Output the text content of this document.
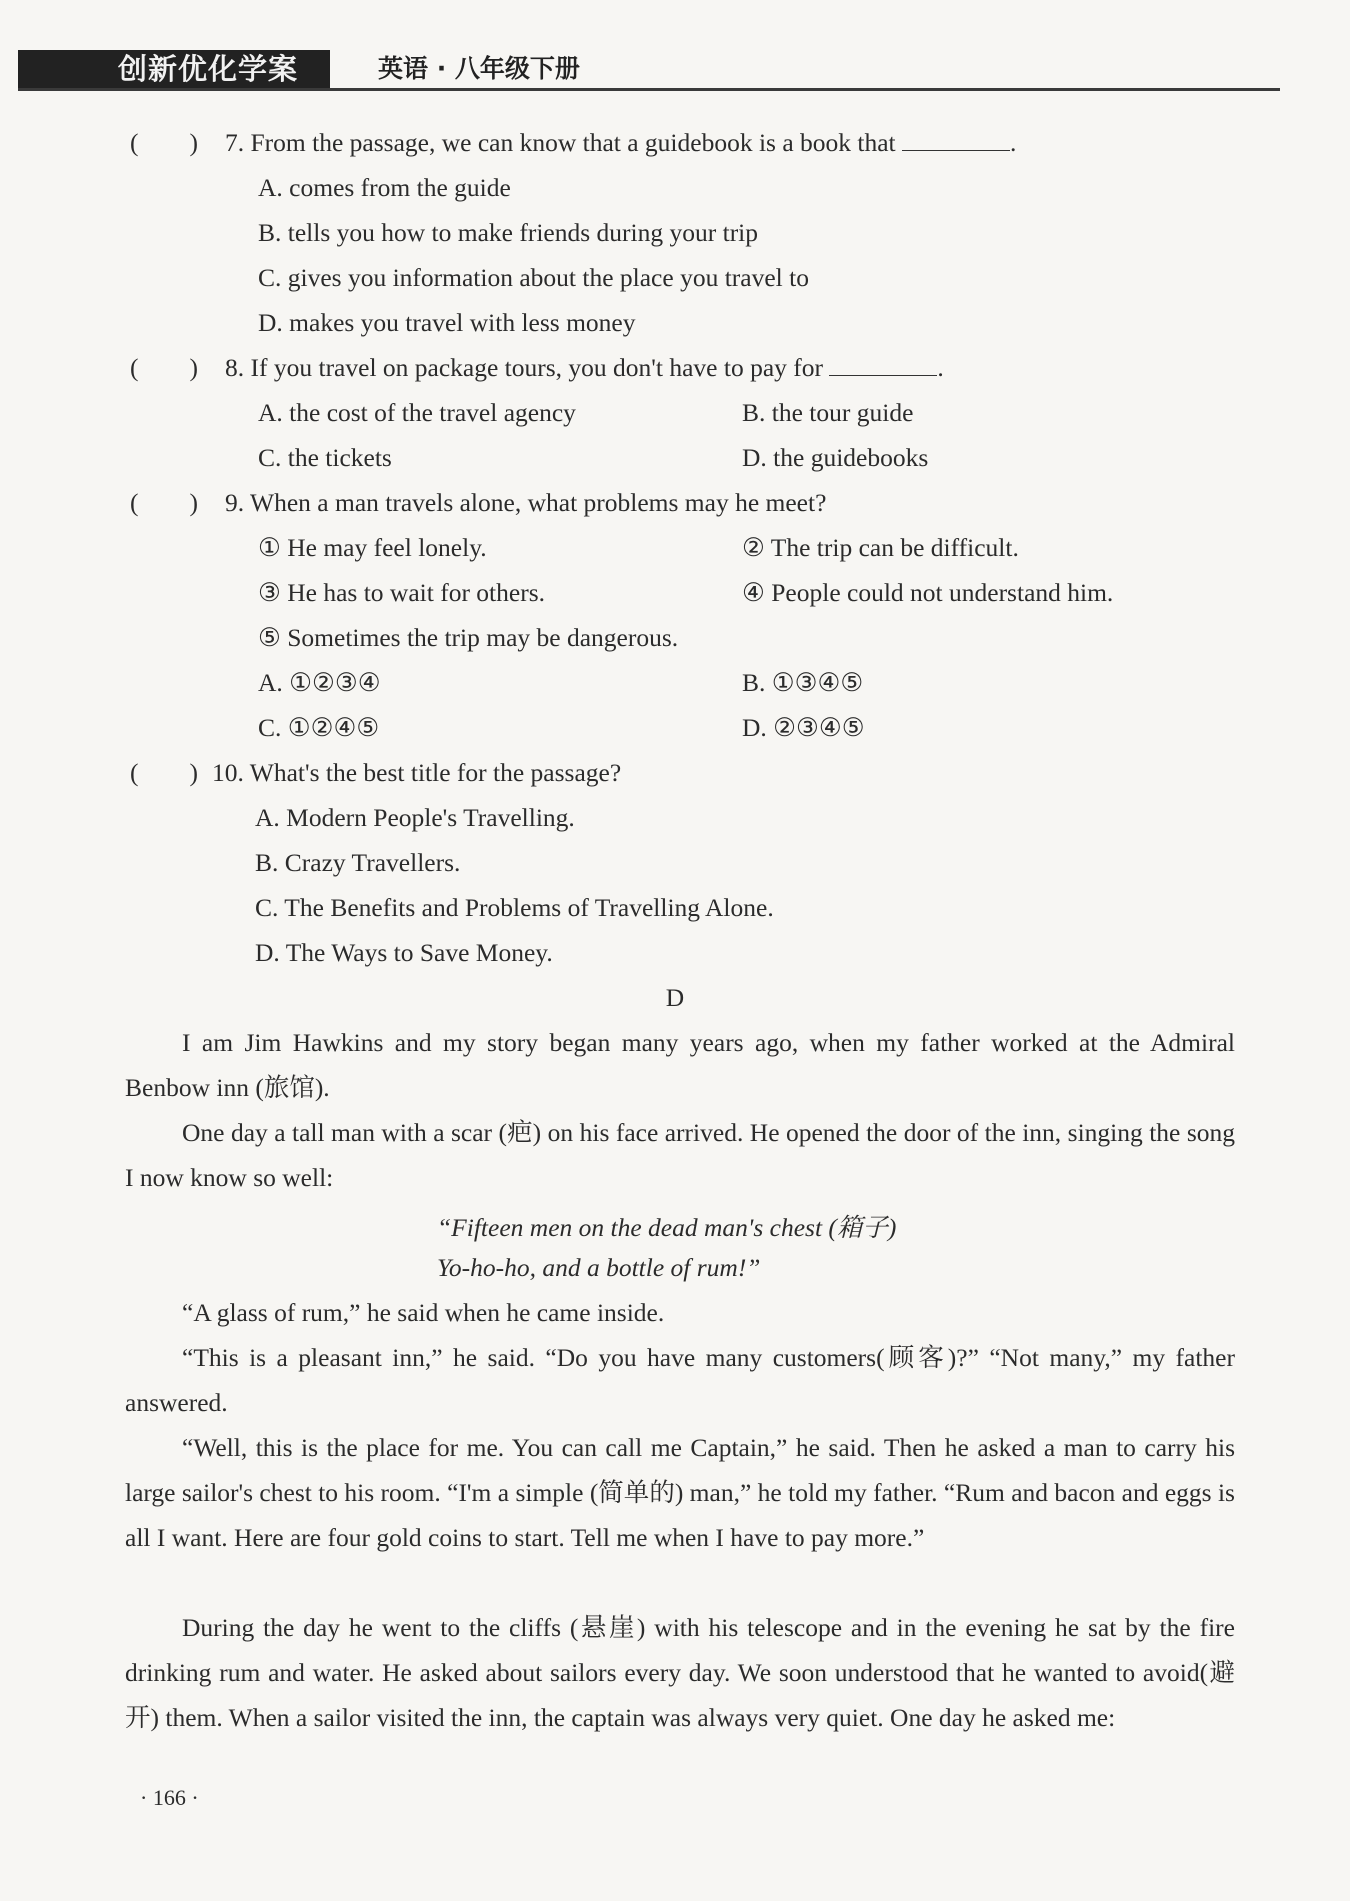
创新优化学案	英语 · 八年级下册
(        ) 7. From the passage, we can know that a guidebook is a book that	.
A. comes from the guide
B. tells you how to make friends during your trip
C. gives you information about the place you travel to
D. makes you travel with less money
(        ) 8. If you travel on package tours, you don't have to pay for	.
A. the cost of the travel agency	B. the tour guide
C. the tickets	D. the guidebooks
(        ) 9. When a man travels alone, what problems may he meet?
① He may feel lonely.	② The trip can be difficult.
③ He has to wait for others.	④ People could not understand him.
⑤ Sometimes the trip may be dangerous.
A. ①②③④	B. ①③④⑤
C. ①②④⑤	D. ②③④⑤
(        ) 10. What's the best title for the passage?
A. Modern People's Travelling.
B. Crazy Travellers.
C. The Benefits and Problems of Travelling Alone.
D. The Ways to Save Money.
D
I am Jim Hawkins and my story began many years ago, when my father worked at the Admiral Benbow inn (旅馆).
One day a tall man with a scar (疤) on his face arrived. He opened the door of the inn, singing the song I now know so well:
“Fifteen men on the dead man's chest (箱子)
Yo-ho-ho, and a bottle of rum!”
“A glass of rum,” he said when he came inside.
“This is a pleasant inn,” he said. “Do you have many customers(顾客)?” “Not many,” my father answered.
“Well, this is the place for me. You can call me Captain,” he said. Then he asked a man to carry his large sailor's chest to his room. “I'm a simple (简单的) man,” he told my father. “Rum and bacon and eggs is all I want. Here are four gold coins to start. Tell me when I have to pay more.”
During the day he went to the cliffs (悬崖) with his telescope and in the evening he sat by the fire drinking rum and water. He asked about sailors every day. We soon understood that he wanted to avoid(避开) them. When a sailor visited the inn, the captain was always very quiet. One day he asked me:
· 166 ·
